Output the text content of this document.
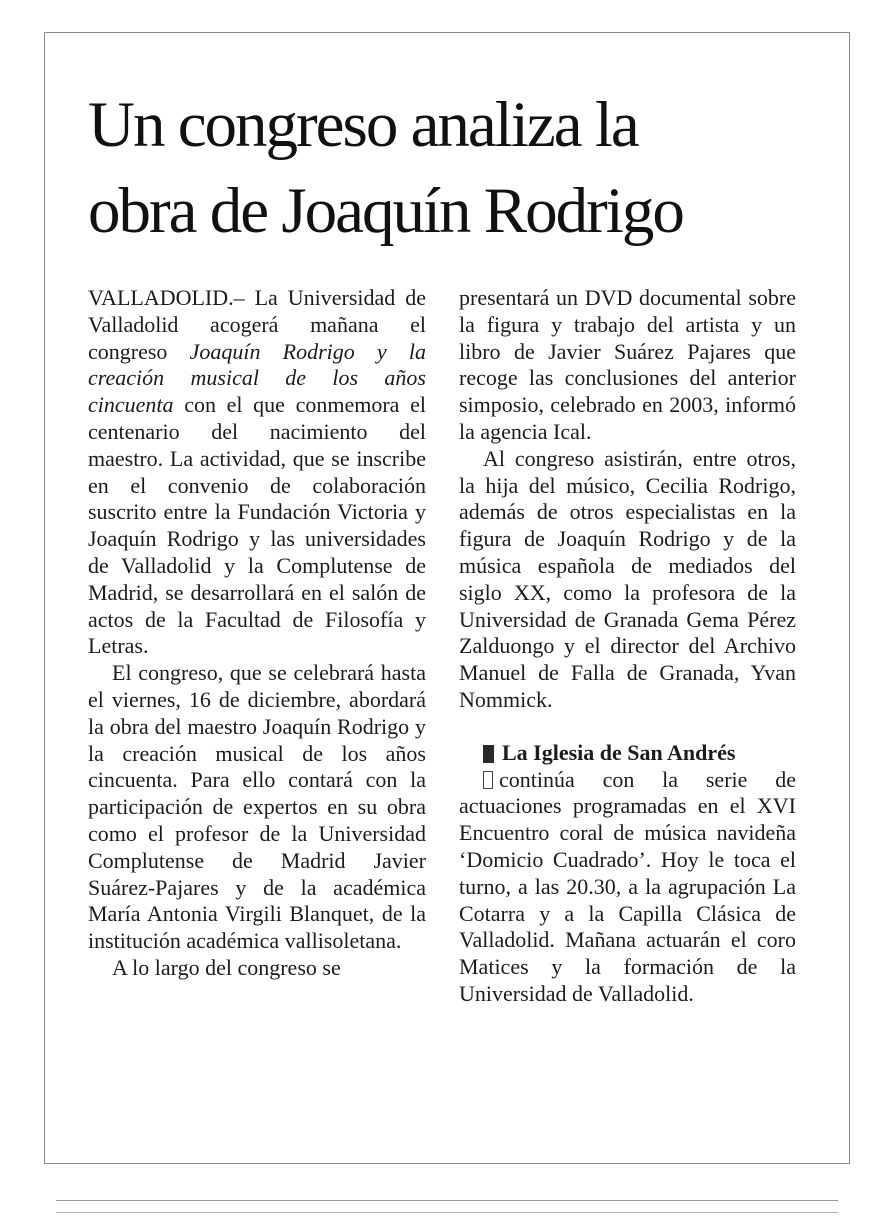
Un congreso analiza la
obra de Joaquín Rodrigo

VALLADOLID.– La Universidad de Valladolid acogerá mañana el congreso Joaquín Rodrigo y la creación musical de los años cincuenta con el que conmemora el centenario del nacimiento del maestro. La actividad, que se inscribe en el convenio de colaboración suscrito entre la Fundación Victoria y Joaquín Rodrigo y las universidades de Valladolid y la Complutense de Madrid, se desarrollará en el salón de actos de la Facultad de Filosofía y Letras.

El congreso, que se celebrará hasta el viernes, 16 de diciembre, abordará la obra del maestro Joaquín Rodrigo y la creación musical de los años cincuenta. Para ello contará con la participación de expertos en su obra como el profesor de la Universidad Complutense de Madrid Javier Suárez-Pajares y de la académica María Antonia Virgili Blanquet, de la institución académica vallisoletana.

A lo largo del congreso se

presentará un DVD documental sobre la figura y trabajo del artista y un libro de Javier Suárez Pajares que recoge las conclusiones del anterior simposio, celebrado en 2003, informó la agencia Ical.

Al congreso asistirán, entre otros, la hija del músico, Cecilia Rodrigo, además de otros especialistas en la figura de Joaquín Rodrigo y de la música española de mediados del siglo XX, como la profesora de la Universidad de Granada Gema Pérez Zalduongo y el director del Archivo Manuel de Falla de Granada, Yvan Nommick.

La Iglesia de San Andrés

continúa con la serie de actuaciones programadas en el XVI Encuentro coral de música navideña ‘Domicio Cuadrado’. Hoy le toca el turno, a las 20.30, a la agrupación La Cotarra y a la Capilla Clásica de Valladolid. Mañana actuarán el coro Matices y la formación de la Universidad de Valladolid.
